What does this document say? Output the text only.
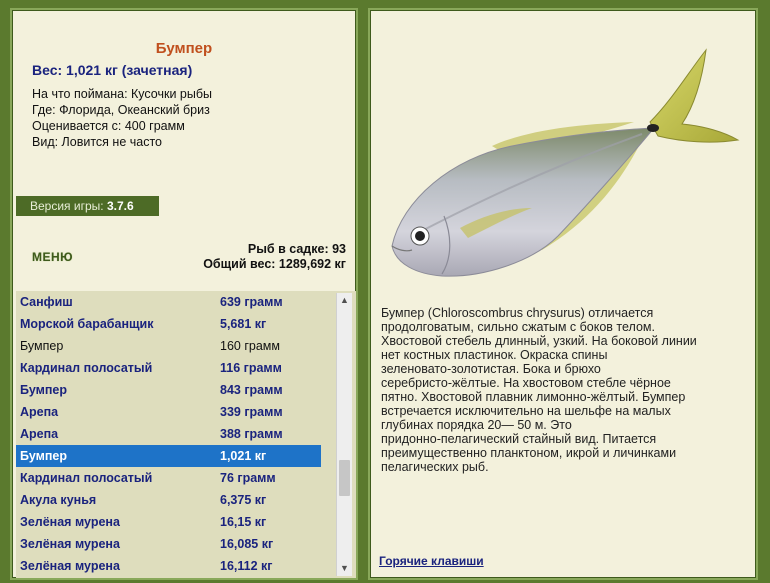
Бумпер
Вес: 1,021 кг (зачетная)
На что поймана: Кусочки рыбы
Где: Флорида, Океанский бриз
Оценивается с: 400 грамм
Вид: Ловится не часто
Версия игры: 3.7.6
МЕНЮ
Рыб в садке: 93
Общий вес: 1289,692 кг
Санфиш	639 грамм
Морской барабанщик	5,681 кг
Бумпер	160 грамм
Кардинал полосатый	116 грамм
Бумпер	843 грамм
Арепа	339 грамм
Арепа	388 грамм
Бумпер	1,021 кг
Кардинал полосатый	76 грамм
Акула кунья	6,375 кг
Зелёная мурена	16,15 кг
Зелёная мурена	16,085 кг
Зелёная мурена	16,112 кг
▲
▼
Бумпер (Chloroscombrus chrysurus) отличается
продолговатым, сильно сжатым с боков телом.
Хвостовой стебель длинный, узкий. На боковой линии
нет костных пластинок. Окраска спины
зеленовато-золотистая. Бока и брюхо
серебристо-жёлтые. На хвостовом стебле чёрное
пятно. Хвостовой плавник лимонно-жёлтый. Бумпер
встречается исключительно на шельфе на малых
глубинах порядка 20— 50 м. Это
придонно-пелагический стайный вид. Питается
преимущественно планктоном, икрой и личинками
пелагических рыб.
Горячие клавиши
